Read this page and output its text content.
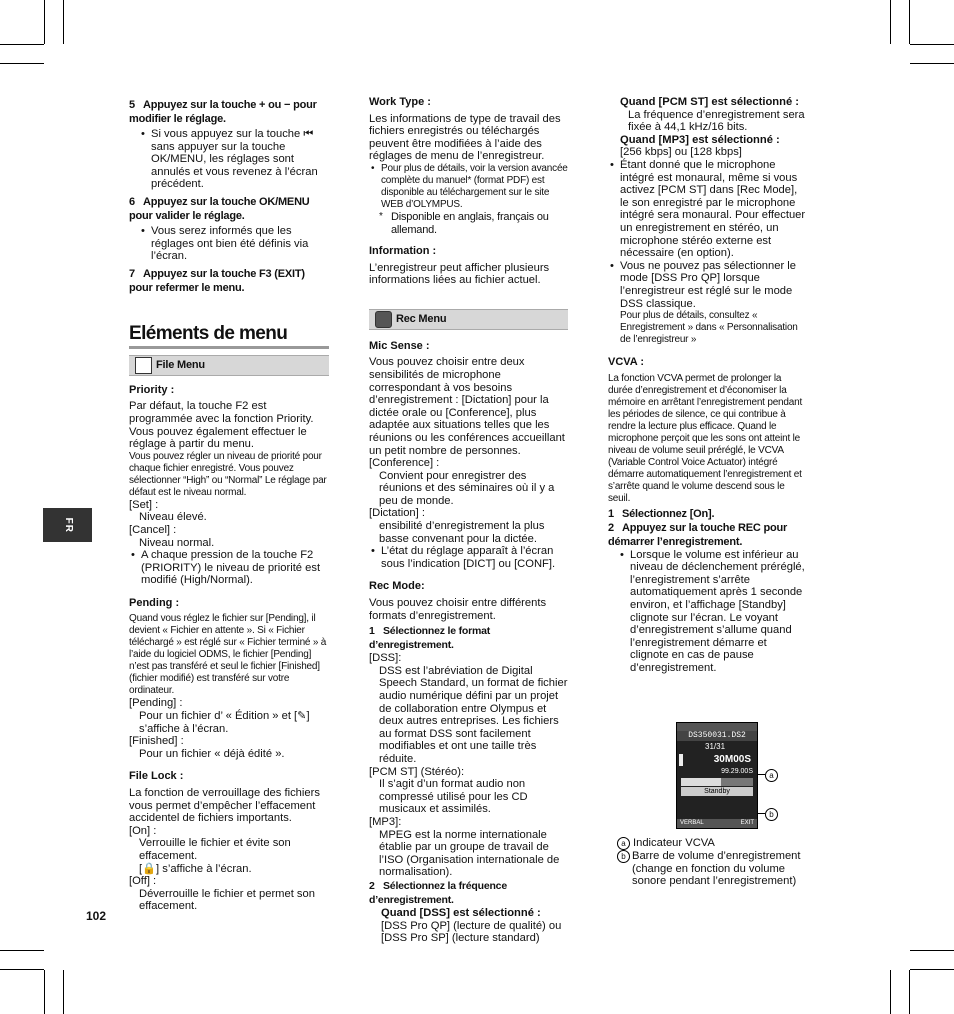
FR
102
5 Appuyez sur la touche + ou − pour modifier le réglage.
• Si vous appuyez sur la touche ⏮ sans appuyer sur la touche OK/MENU, les réglages sont annulés et vous revenez à l’écran précédent.
6 Appuyez sur la touche OK/MENU pour valider le réglage.
• Vous serez informés que les réglages ont bien été définis via l’écran.
7 Appuyez sur la touche F3 (EXIT) pour refermer le menu.
Eléments de menu
File Menu
Priority :
Par défaut, la touche F2 est programmée avec la fonction Priority. Vous pouvez également effectuer le réglage à partir du menu.
Vous pouvez régler un niveau de priorité pour chaque fichier enregistré. Vous pouvez sélectionner “High” ou “Normal” Le réglage par défaut est le niveau normal.
[Set] :
Niveau élevé.
[Cancel] :
Niveau normal.
• A chaque pression de la touche F2 (PRIORITY) le niveau de priorité est modifié (High/Normal).
Pending :
Quand vous réglez le fichier sur [Pending], il devient « Fichier en attente ». Si « Fichier téléchargé » est réglé sur « Fichier terminé » à l’aide du logiciel ODMS, le fichier [Pending] n’est pas transféré et seul le fichier [Finished] (fichier modifié) est transféré sur votre ordinateur.
[Pending] :
Pour un fichier d’ « Édition » et [✎] s’affiche à l’écran.
[Finished] :
Pour un fichier « déjà édité ».
File Lock :
La fonction de verrouillage des fichiers vous permet d’empêcher l’effacement accidentel de fichiers importants.
[On] :
Verrouille le fichier et évite son effacement.
[🔒] s’affiche à l’écran.
[Off] :
Déverrouille le fichier et permet son effacement.
Work Type :
Les informations de type de travail des fichiers enregistrés ou téléchargés peuvent être modifiées à l’aide des réglages de menu de l’enregistreur.
• Pour plus de détails, voir la version avancée complète du manuel* (format PDF) est disponible au téléchargement sur le site WEB d’OLYMPUS.
* Disponible en anglais, français ou allemand.
Information :
L’enregistreur peut afficher plusieurs informations liées au fichier actuel.
Rec Menu
Mic Sense :
Vous pouvez choisir entre deux sensibilités de microphone correspondant à vos besoins d’enregistrement : [Dictation] pour la dictée orale ou [Conference], plus adaptée aux situations telles que les réunions ou les conférences accueillant un petit nombre de personnes.
[Conference] :
Convient pour enregistrer des réunions et des séminaires où il y a peu de monde.
[Dictation] :
ensibilité d’enregistrement la plus basse convenant pour la dictée.
• L’état du réglage apparaît à l’écran sous l’indication [DICT] ou [CONF].
Rec Mode:
Vous pouvez choisir entre différents formats d’enregistrement.
1 Sélectionnez le format d’enregistrement.
[DSS]:
DSS est l’abréviation de Digital Speech Standard, un format de fichier audio numérique défini par un projet de collaboration entre Olympus et deux autres entreprises. Les fichiers au format DSS sont facilement modifiables et ont une taille très réduite.
[PCM ST] (Stéréo):
Il s’agit d’un format audio non compressé utilisé pour les CD musicaux et assimilés.
[MP3]:
MPEG est la norme internationale établie par un groupe de travail de l’ISO (Organisation internationale de normalisation).
2 Sélectionnez la fréquence d’enregistrement.
Quand [DSS] est sélectionné :
[DSS Pro QP] (lecture de qualité) ou
[DSS Pro SP] (lecture standard)
Quand [PCM ST] est sélectionné :
La fréquence d’enregistrement sera fixée à 44,1 kHz/16 bits.
Quand [MP3] est sélectionné :
[256 kbps] ou [128 kbps]
• Étant donné que le microphone intégré est monaural, même si vous activez [PCM ST] dans [Rec Mode], le son enregistré par le microphone intégré sera monaural. Pour effectuer un enregistrement en stéréo, un microphone stéréo externe est nécessaire (en option).
• Vous ne pouvez pas sélectionner le mode [DSS Pro QP] lorsque l’enregistreur est réglé sur le mode DSS classique.
Pour plus de détails, consultez « Enregistrement » dans « Personnalisation de l’enregistreur »
VCVA :
La fonction VCVA permet de prolonger la durée d’enregistrement et d’économiser la mémoire en arrêtant l’enregistrement pendant les périodes de silence, ce qui contribue à rendre la lecture plus efficace. Quand le microphone perçoit que les sons ont atteint le niveau de volume seuil préréglé, le VCVA (Variable Control Voice Actuator) intégré démarre automatiquement l’enregistrement et s’arrête quand le volume descend sous le seuil.
1 Sélectionnez [On].
2 Appuyez sur la touche REC pour démarrer l’enregistrement.
• Lorsque le volume est inférieur au niveau de déclenchement préréglé, l’enregistrement s’arrête automatiquement après 1 seconde environ, et l’affichage [Standby] clignote sur l’écran. Le voyant d’enregistrement s’allume quand l’enregistrement démarre et clignote en cas de pause d’enregistrement.
DS350031.DS2
31/31
30M00S
99.29.00S
Standby
VERBAL	EXIT
a
b
a Indicateur VCVA
b Barre de volume d’enregistrement (change en fonction du volume sonore pendant l’enregistrement)
